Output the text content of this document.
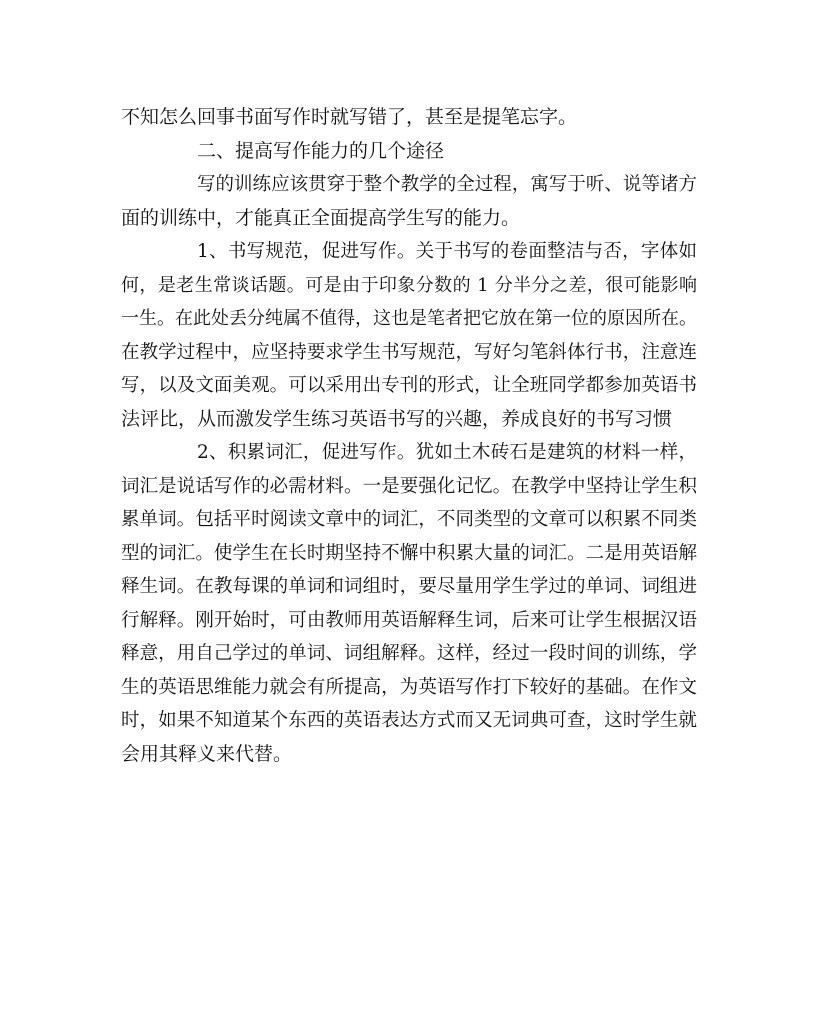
不知怎么回事书面写作时就写错了，甚至是提笔忘字。
二、提高写作能力的几个途径
写的训练应该贯穿于整个教学的全过程，寓写于听、说等诸方
面的训练中，才能真正全面提高学生写的能力。
1、书写规范，促进写作。关于书写的卷面整洁与否，字体如
何，是老生常谈话题。可是由于印象分数的 1 分半分之差，很可能影响
一生。在此处丢分纯属不值得，这也是笔者把它放在第一位的原因所在。
在教学过程中，应坚持要求学生书写规范，写好匀笔斜体行书，注意连
写，以及文面美观。可以采用出专刊的形式，让全班同学都参加英语书
法评比，从而激发学生练习英语书写的兴趣，养成良好的书写习惯
2、积累词汇，促进写作。犹如土木砖石是建筑的材料一样，
词汇是说话写作的必需材料。一是要强化记忆。在教学中坚持让学生积
累单词。包括平时阅读文章中的词汇，不同类型的文章可以积累不同类
型的词汇。使学生在长时期坚持不懈中积累大量的词汇。二是用英语解
释生词。在教每课的单词和词组时，要尽量用学生学过的单词、词组进
行解释。刚开始时，可由教师用英语解释生词，后来可让学生根据汉语
释意，用自己学过的单词、词组解释。这样，经过一段时间的训练，学
生的英语思维能力就会有所提高，为英语写作打下较好的基础。在作文
时，如果不知道某个东西的英语表达方式而又无词典可查，这时学生就
会用其释义来代替。
